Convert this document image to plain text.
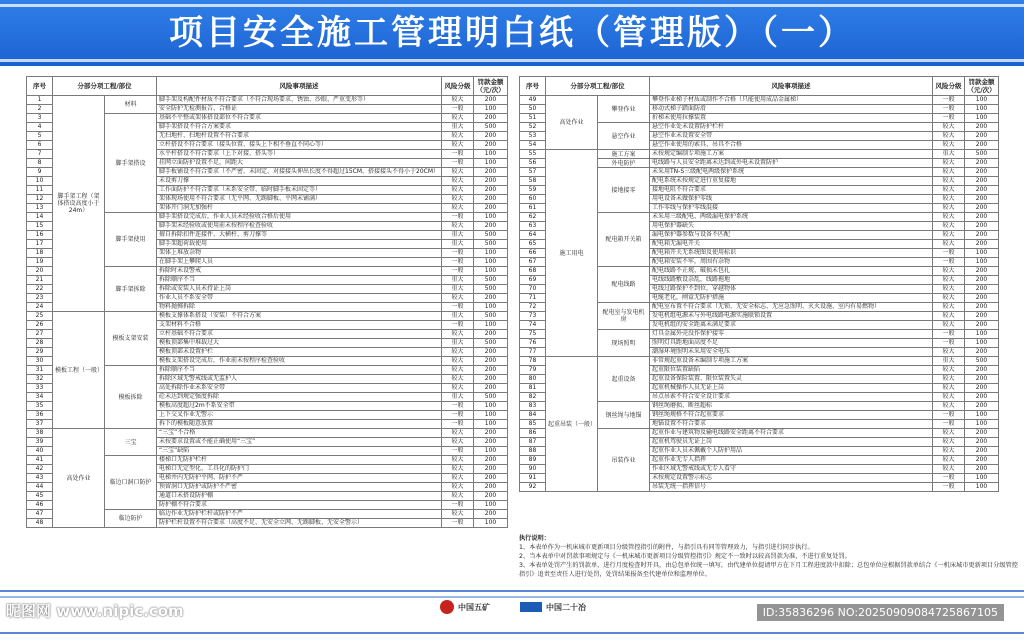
项目安全施工管理明白纸（管理版）（一）
序号	分部分项工程/部位		风险事项描述	风险分级	罚款金额（元/次）
1	脚手架工程（架体搭设高度小于24m）	材料	脚手架及构配件材质不符合要求（不符合现场要求、锈蚀、沙眼、严重变形等）	较大	200
2			安全防护无检测报告、合格证	一般	100
3		脚手架搭设	基础不平整或架体搭设部位不符合要求	较大	200
4			脚手架搭设不符合方案要求	重大	500
5			无扫地杆、扫地杆设置不符合要求	较大	200
6			立杆搭设不符合要求（接头位置、接头上下相不垂直不同心等）	较大	200
7			水平杆搭设不符合要求（上下对接、搭头等）	一般	100
8			挂网立面防护设置不足，间距大	一般	100
9			脚手板铺设不符合要求（不严密、未固定、对接接头伸出长度不得超过15CM、搭接接头不得小于20CM）	较大	200
10			未设剪刀撑	较大	200
11			工作面防护不符合要求（未系安全带、临时脚手板未固定等）	较大	200
12			架体现场使用不符合要求（无平网、无踢脚板、平网未铺满）	较大	200
13			架体开门洞无加强杆	较大	200
14		脚手架使用	脚手架搭设完成后，作业人员未经验收合格后使用	一般	100
15			脚手架未经验收或使用前未按程序检查验收	较大	200
16			擅自拆除扣件连接件、大横杆、剪刀撑等	重大	500
17			脚手架超荷载使用	重大	500
18			架体上堆放杂物	一般	100
19			在脚手架上攀爬人员	一般	100
20		脚手架拆除	拆除时未设警戒	一般	100
21			拆除顺序不当	重大	500
22			拆除或安装人员未持证上岗	重大	500
23			作业人员不系安全带	较大	200
24			物料抛掷拆除	一般	100
25	模板工程（一般）	模板支架安装	模板支撑体系搭设（安装）不符合方案	重大	500
26			支架材料不合格	一般	100
27			立杆基础不符合要求	较大	200
28			模板顶部集中堆载过大	重大	500
29			模板顶部未设置护栏	较大	200
30			模板支架搭设完成后，作业前未按程序检查验收	较大	200
31		模板拆除	拆除顺序不当	较大	200
32			拆除区域无警戒线或无监护人	较大	200
33			高处拆除作业未系安全带	较大	200
34			砼未达到规定强度拆除	重大	500
35			模板高度超过2m不系安全带	一般	100
36			上下交叉作业无警示	一般	100
37			拆下的模板随意放置	一般	100
38	高处作业	三宝	“三宝”不合格	较大	200
39			未按要求设置或不能正确使用“三宝”	较大	200
40			“三宝”缺陷	一般	100
41		临边口洞口防护	楼梯口无防护栏杆	较大	200
42			电梯口无定型化、工具化的防护门	较大	200
43			电梯井内无防护平网、防护不严	较大	200
44			预留洞口无防护或防护不严密	较大	200
45			通道口未搭设防护棚	较大	200
46			防护棚不符合要求	一般	100
47		临边防护	临边作业无防护栏杆或防护不严	较大	200
48			防护栏杆设置不符合要求（高度不足、无安全立网、无踢脚板、无安全警示）	一般	100
序号	分部分项工程/部位		风险事项描述	风险分级	罚款金额（元/次）
49	高处作业	攀登作业	攀登作业梯子材质或制作不合格（只能使用成品金属梯）	一般	100
50			移动式梯子踏面防滑	一般	100
51			折梯未使用拉撑装置	一般	100
52		悬空作业	悬空作业处未设置防护栏杆	较大	200
53			悬空作业未设置安全带	较大	200
54			悬空作业使用的索具、吊具不合格	较大	200
55	施工用电	施工方案	未按规定编制专项施工方案	重大	500
56		外电防护	电线路与人员安全距离未达到或外电未设置防护	较大	200
57		接地接零	未采用TN-S三级配电两级保护系统	较大	200
58			配电系统未按规定进行重复接地	较大	200
59			接地电阻不符合要求	较大	200
60			用电设备未做保护零线	较大	200
61			工作零线与保护零线混接	较大	200
62		配电箱开关箱	未采用三级配电、两级漏电保护系统	较大	200
63			用电保护器缺失	较大	200
64			漏电保护器参数与设备不匹配	较大	200
65			配电箱无漏电开关	较大	200
66			配电箱开关无系统图及使用标识	一般	100
67			配电箱安装不牢，周围有杂物	一般	100
68		配电线路	配电线路不正规、破损未包扎	较大	200
69			电线线路敷设杂乱，线路拖地	较大	200
70			电线过路保护不到位，穿越物体	较大	200
71			电缆老化，闸盒无防护措施	较大	200
72		配电室与发电机房	配电室布置不符合要求（无锁、无安全标志、无应急照明、灭火设施、室内有易燃物）	较大	200
73			发电机组电源未与外电线路电源实施联锁设置	较大	200
74			发电机组的安全距离未满足要求	较大	200
75		现场照明	灯具金属外壳没作保护接零	一般	100
76			照明灯具距地面高度不足	一般	100
77			潮湿环境照明未采用安全电压	较大	200
78	起重吊装（一般）	起重设备	非常规起重设备未编制专项施工方案	重大	500
79			起重限位装置缺陷	较大	200
80			起重设备保险装置、限位装置失灵	较大	200
81			起重机械操作人员无证上岗	较大	200
82			吊点吊索不符合安全设计要求	较大	200
83		钢丝绳与地锚	钢丝绳磨损、断丝超标	较大	200
84			钢丝绳规格不符合起重要求	一般	100
85			地锚设置不符合要求	一般	100
86		吊装作业	起重作业与建筑物及输电线路安全距离不符合要求	较大	200
87			起重机驾驶员无证上岗	较大	200
88			起重作业人员未佩戴个人防护用品	较大	200
89			起重作业无专人指挥	较大	200
90			作业区域无警戒线或无专人看守	较大	200
91			未按规定设置警示标志	一般	100
92			吊装无统一指挥信号	一般	100
执行说明：
1、本表单作为一机床城市更新项目分级管控指引的附件，与指引具有同等管理效力，与指引进行同步执行。
2、当本表单中对罚款事项规定与《一机床城市更新项目分级管控指引》规定不一致时以较高罚款为准，不进行重复处罚。
3、本表单处罚产生的罚款单，进行月度检查时开具，由总包单位统一填写，由代建单位提请甲方在下月工程进度款中扣除；总包单位应根据罚款单结合《一机床城市更新项目分级管控指引》追责至责任人进行处罚，处罚结果报备至代建单位和监理单位。
中国五矿	中国二十冶
昵图网 www.nipic.com	ID:35836296 NO:20250909084725867105
